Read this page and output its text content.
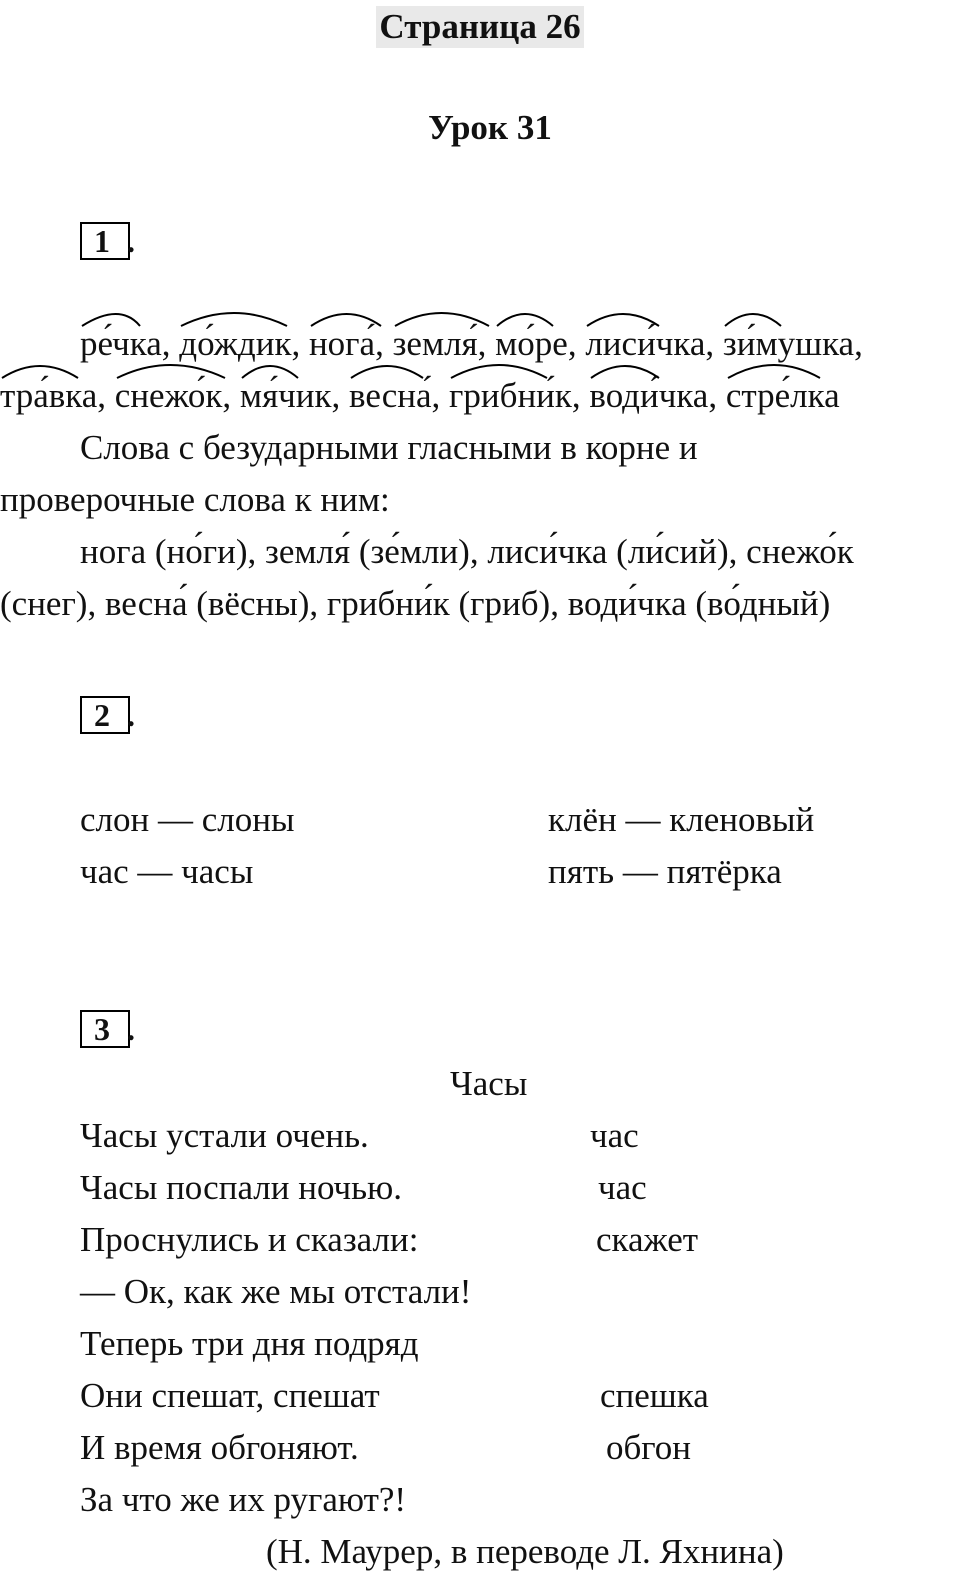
Страница 26
Урок 31
1 .
ре́чка, до́ждик, нога́, земля́, мо́ре, лиси́чка, зи́мушка,
тра́вка, снежо́к, мя́чик, весна́, грибни́к, води́чка, стре́лка
Слова с безударными гласными в корне и
проверочные слова к ним:
нога (но́ги), земля́ (зе́мли), лиси́чка (ли́сий), снежо́к
(снег), весна́ (вёсны), грибни́к (гриб), води́чка (во́дный)
2 .
слон — слоны
час — часы
клён — кленовый
пять — пятёрка
3 .
Часы
Часы устали очень.
Часы поспали ночью.
Проснулись и сказали:
— Ок, как же мы отстали!
Теперь три дня подряд
Они спешат, спешат
И время обгоняют.
За что же их ругают?!
час
час
скажет
спешка
обгон
(Н. Маурер, в переводе Л. Яхнина)
